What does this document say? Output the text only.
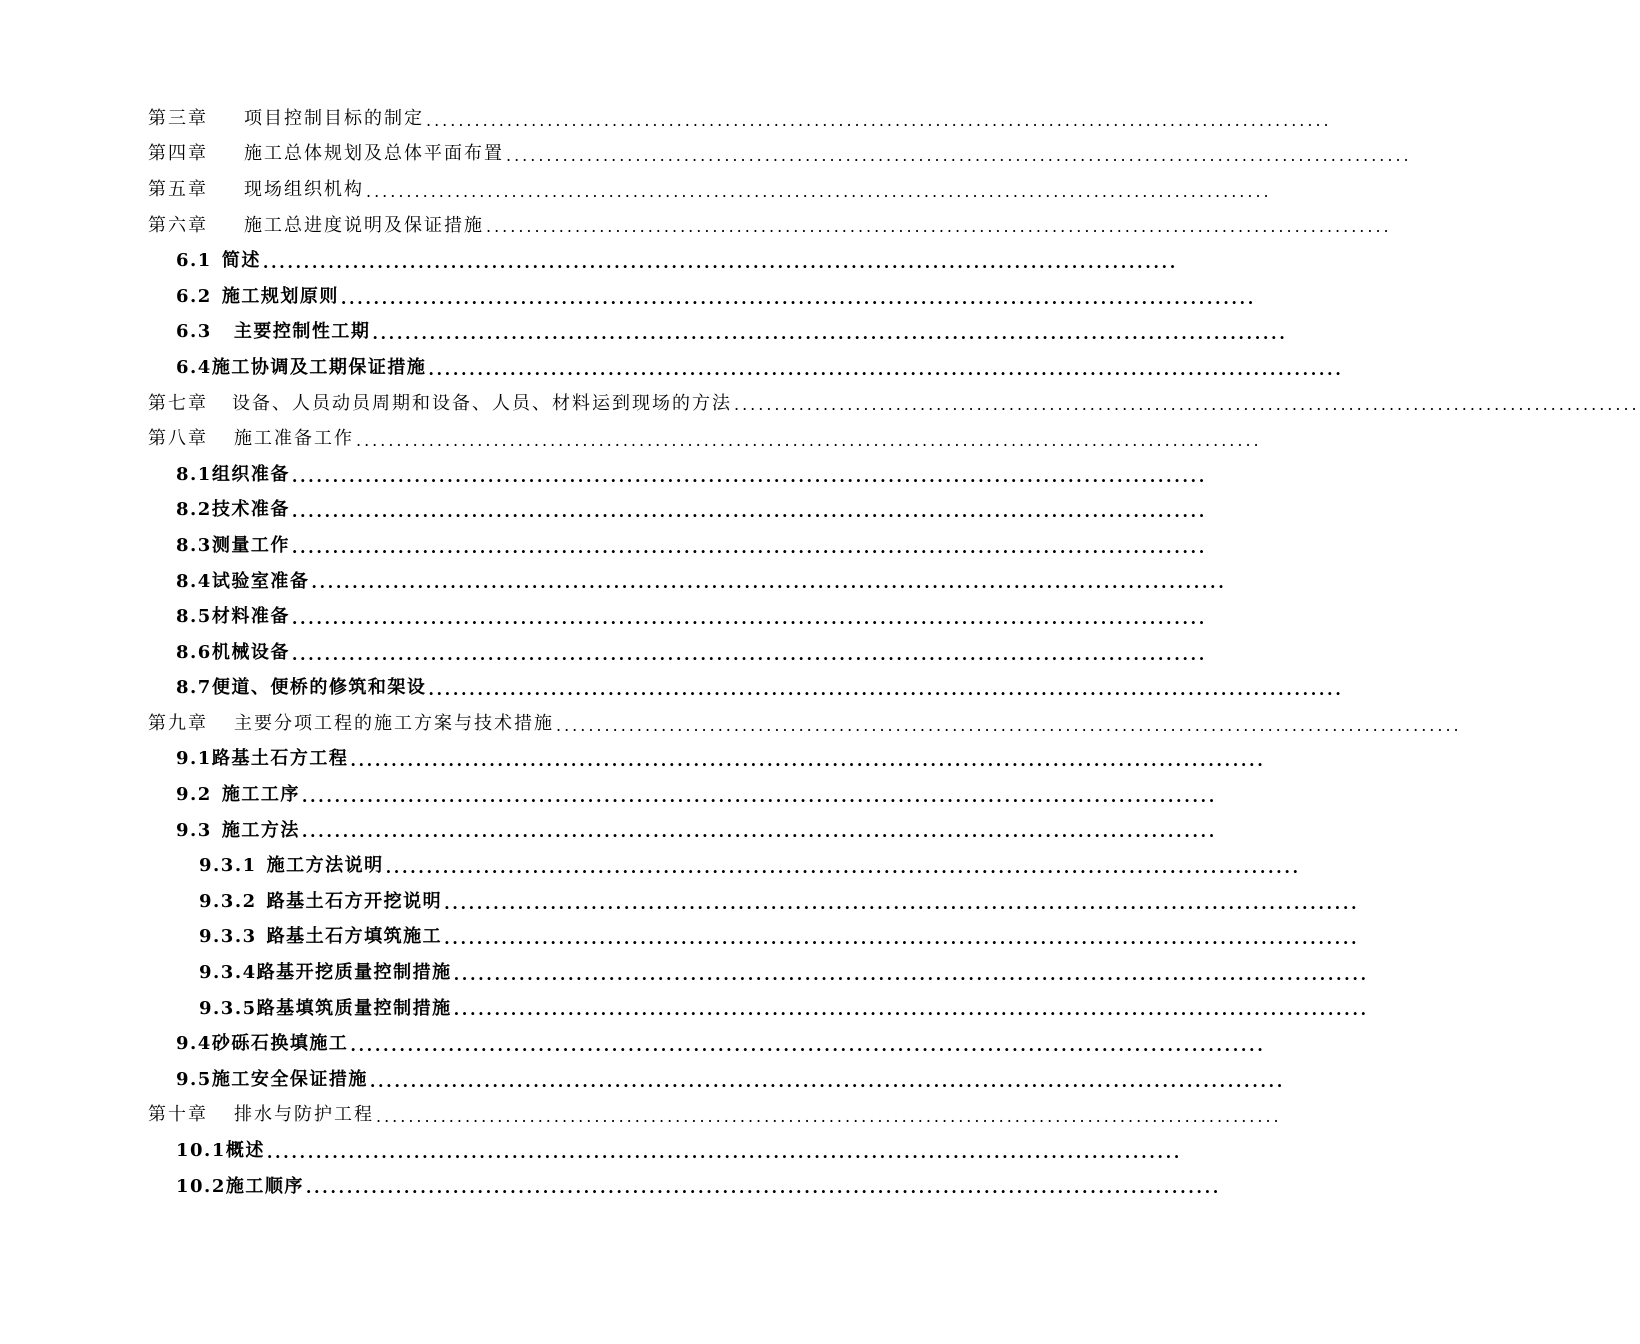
第三章 项目控制目标的制定 ................................................................................................................
第四章 施工总体规划及总体平面布置 ................................................................................................................
第五章 现场组织机构 ................................................................................................................
第六章 施工总进度说明及保证措施 ................................................................................................................
6.1 简述 ................................................................................................................
6.2 施工规划原则 ................................................................................................................
6.3 主要控制性工期 ................................................................................................................
6.4施工协调及工期保证措施 ................................................................................................................
第七章 设备、人员动员周期和设备、人员、材料运到现场的方法 ................................................................................................................
第八章 施工准备工作 ................................................................................................................
8.1组织准备 ................................................................................................................
8.2技术准备 ................................................................................................................
8.3测量工作 ................................................................................................................
8.4试验室准备 ................................................................................................................
8.5材料准备 ................................................................................................................
8.6机械设备 ................................................................................................................
8.7便道、便桥的修筑和架设 ................................................................................................................
第九章 主要分项工程的施工方案与技术措施 ................................................................................................................
9.1路基土石方工程 ................................................................................................................
9.2 施工工序 ................................................................................................................
9.3 施工方法 ................................................................................................................
9.3.1 施工方法说明 ................................................................................................................
9.3.2 路基土石方开挖说明 ................................................................................................................
9.3.3 路基土石方填筑施工 ................................................................................................................
9.3.4路基开挖质量控制措施 ................................................................................................................
9.3.5路基填筑质量控制措施 ................................................................................................................
9.4砂砾石换填施工 ................................................................................................................
9.5施工安全保证措施 ................................................................................................................
第十章 排水与防护工程 ................................................................................................................
10.1概述 ................................................................................................................
10.2施工顺序 ................................................................................................................
